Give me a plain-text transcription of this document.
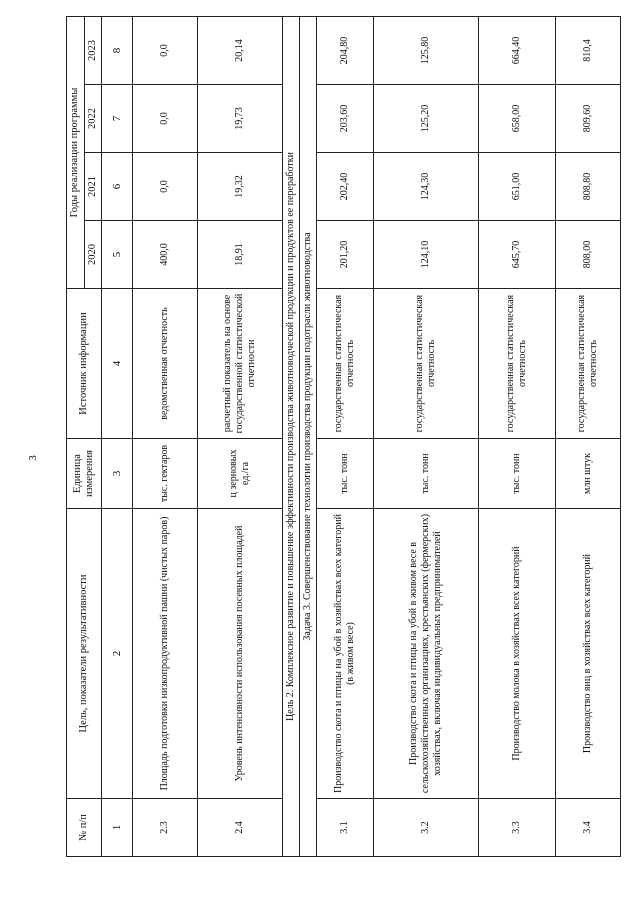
3
№ п/п	Цель, показатели результативности	Единица измерения	Источник информации	Годы реализации программы			
				2020	2021	2022	2023
1	2	3	4	5	6	7	8
2.3	Площадь подготовки низкопродуктивной пашни (чистых паров)	тыс. гектаров	ведомственная отчетность	400,0	0,0	0,0	0,0
2.4	Уровень интенсивности использования посевных площадей	ц зерновых ед./га	расчетный показатель на основе государственной статистической отчетности	18,91	19,32	19,73	20,14
Цель 2. Комплексное развитие и повышение эффективности производства животноводческой продукции и продуктов ее переработки							
Задача 3. Совершенствование технологии производства продукции подотрасли животноводства							
3.1	Производство скота и птицы на убой в хозяйствах всех категорий (в живом весе)	тыс. тонн	государственная статистическая отчетность	201,20	202,40	203,60	204,80
3.2	Производство скота и птицы на убой в живом весе в сельскохозяйственных организациях, крестьянских (фермерских) хозяйствах, включая индивидуальных предпринимателей	тыс. тонн	государственная статистическая отчетность	124,10	124,30	125,20	125,80
3.3	Производство молока в хозяйствах всех категорий	тыс. тонн	государственная статистическая отчетность	645,70	651,00	658,00	664,40
3.4	Производство яиц в хозяйствах всех категорий	млн штук	государственная статистическая отчетность	808,00	808,80	809,60	810,4
